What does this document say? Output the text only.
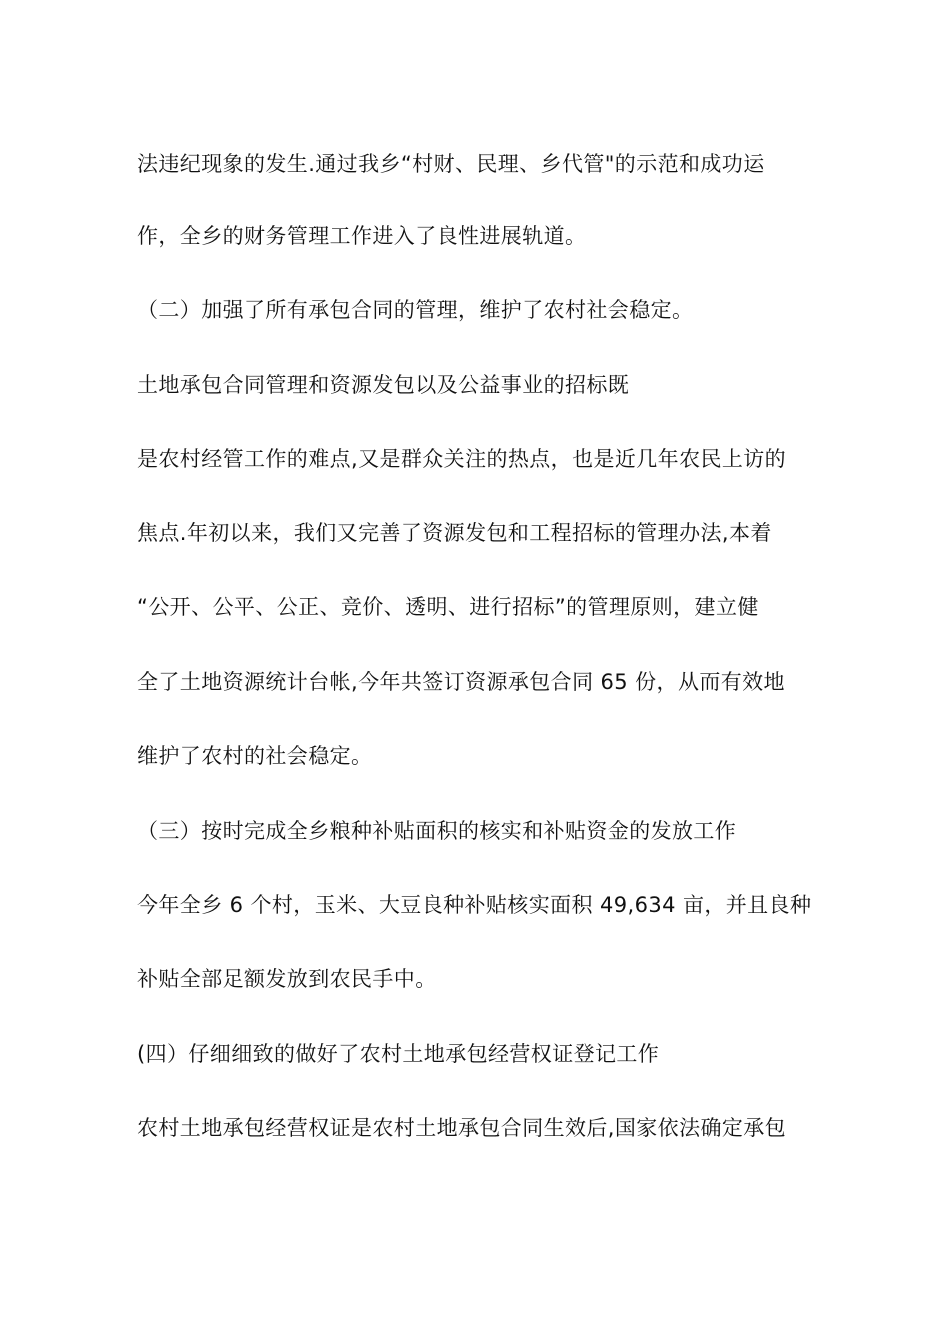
法违纪现象的发生.通过我乡“村财、民理、乡代管"的示范和成功运
作，全乡的财务管理工作进入了良性进展轨道。
（二）加强了所有承包合同的管理，维护了农村社会稳定。
土地承包合同管理和资源发包以及公益事业的招标既
是农村经管工作的难点,又是群众关注的热点，也是近几年农民上访的
焦点.年初以来，我们又完善了资源发包和工程招标的管理办法,本着
“公开、公平、公正、竞价、透明、进行招标”的管理原则，建立健
全了土地资源统计台帐,今年共签订资源承包合同 65 份，从而有效地
维护了农村的社会稳定。
（三）按时完成全乡粮种补贴面积的核实和补贴资金的发放工作
今年全乡 6 个村，玉米、大豆良种补贴核实面积 49,634 亩，并且良种
补贴全部足额发放到农民手中。
(四）仔细细致的做好了农村土地承包经营权证登记工作
农村土地承包经营权证是农村土地承包合同生效后,国家依法确定承包
